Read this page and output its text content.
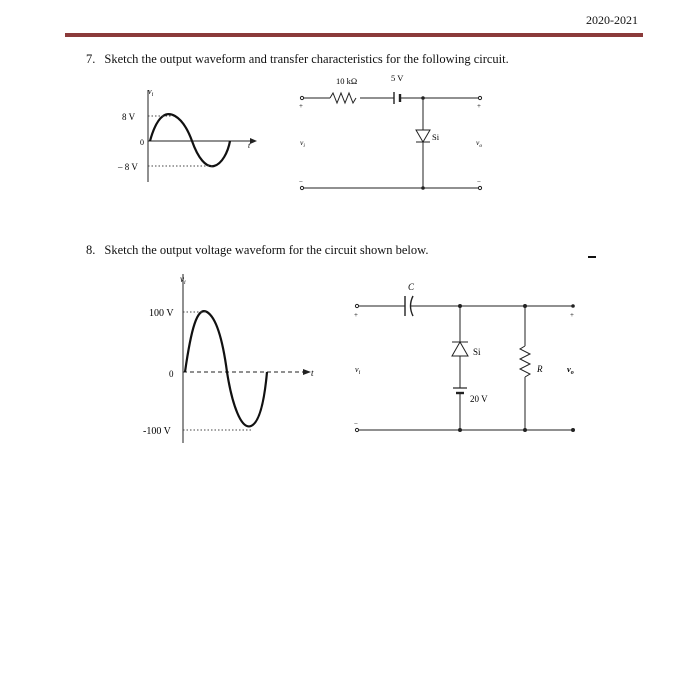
2020-2021
7. Sketch the output waveform and transfer characteristics for the following circuit.
$v_i$
8 V
0
– 8 V
t
10 kΩ	5 V
Si
$v_i$	$v_o$
+	+
−	−
8. Sketch the output voltage waveform for the circuit shown below.
$v_i$
100 V
0
-100 V
t
C
Si
20 V
R
$v_i$	$v_o$
+	+
−
